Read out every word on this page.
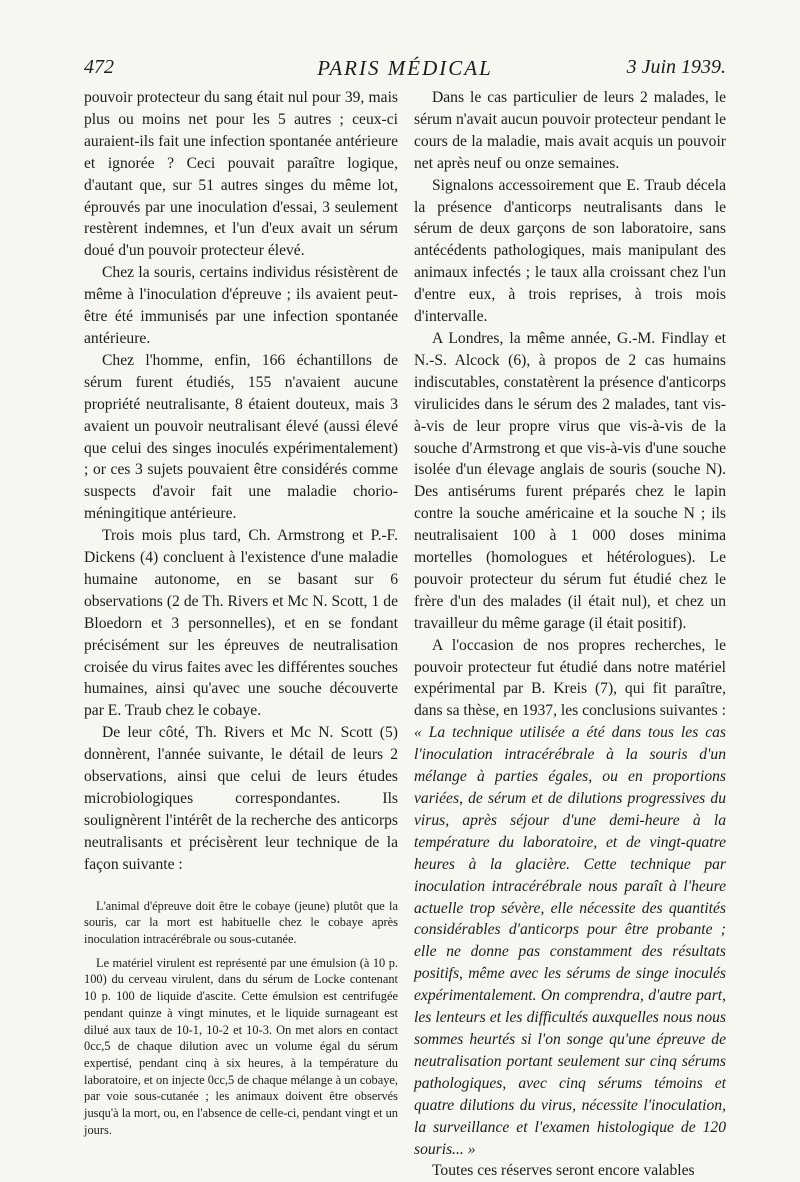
472	PARIS MÉDICAL	3 Juin 1939.

pouvoir protecteur du sang était nul pour 39, mais plus ou moins net pour les 5 autres ; ceux-ci auraient-ils fait une infection spontanée antérieure et ignorée ? Ceci pouvait paraître logique, d'autant que, sur 51 autres singes du même lot, éprouvés par une inoculation d'essai, 3 seulement restèrent indemnes, et l'un d'eux avait un sérum doué d'un pouvoir protecteur élevé.

Chez la souris, certains individus résistèrent de même à l'inoculation d'épreuve ; ils avaient peut-être été immunisés par une infection spontanée antérieure.

Chez l'homme, enfin, 166 échantillons de sérum furent étudiés, 155 n'avaient aucune propriété neutralisante, 8 étaient douteux, mais 3 avaient un pouvoir neutralisant élevé (aussi élevé que celui des singes inoculés expérimentalement) ; or ces 3 sujets pouvaient être considérés comme suspects d'avoir fait une maladie chorio-méningitique antérieure.

Trois mois plus tard, Ch. Armstrong et P.-F. Dickens (4) concluent à l'existence d'une maladie humaine autonome, en se basant sur 6 observations (2 de Th. Rivers et Mc N. Scott, 1 de Bloedorn et 3 personnelles), et en se fondant précisément sur les épreuves de neutralisation croisée du virus faites avec les différentes souches humaines, ainsi qu'avec une souche découverte par E. Traub chez le cobaye.

De leur côté, Th. Rivers et Mc N. Scott (5) donnèrent, l'année suivante, le détail de leurs 2 observations, ainsi que celui de leurs études microbiologiques correspondantes. Ils soulignèrent l'intérêt de la recherche des anticorps neutralisants et précisèrent leur technique de la façon suivante :

L'animal d'épreuve doit être le cobaye (jeune) plutôt que la souris, car la mort est habituelle chez le cobaye après inoculation intracérébrale ou sous-cutanée.

Le matériel virulent est représenté par une émulsion (à 10 p. 100) du cerveau virulent, dans du sérum de Locke contenant 10 p. 100 de liquide d'ascite. Cette émulsion est centrifugée pendant quinze à vingt minutes, et le liquide surnageant est dilué aux taux de 10-1, 10-2 et 10-3. On met alors en contact 0cc,5 de chaque dilution avec un volume égal du sérum expertisé, pendant cinq à six heures, à la température du laboratoire, et on injecte 0cc,5 de chaque mélange à un cobaye, par voie sous-cutanée ; les animaux doivent être observés jusqu'à la mort, ou, en l'absence de celle-ci, pendant vingt et un jours.

Dans le cas particulier de leurs 2 malades, le sérum n'avait aucun pouvoir protecteur pendant le cours de la maladie, mais avait acquis un pouvoir net après neuf ou onze semaines.

Signalons accessoirement que E. Traub décela la présence d'anticorps neutralisants dans le sérum de deux garçons de son laboratoire, sans antécédents pathologiques, mais manipulant des animaux infectés ; le taux alla croissant chez l'un d'entre eux, à trois reprises, à trois mois d'intervalle.

A Londres, la même année, G.-M. Findlay et N.-S. Alcock (6), à propos de 2 cas humains indiscutables, constatèrent la présence d'anticorps virulicides dans le sérum des 2 malades, tant vis-à-vis de leur propre virus que vis-à-vis de la souche d'Armstrong et que vis-à-vis d'une souche isolée d'un élevage anglais de souris (souche N). Des antisérums furent préparés chez le lapin contre la souche américaine et la souche N ; ils neutralisaient 100 à 1 000 doses minima mortelles (homologues et hétérologues). Le pouvoir protecteur du sérum fut étudié chez le frère d'un des malades (il était nul), et chez un travailleur du même garage (il était positif).

A l'occasion de nos propres recherches, le pouvoir protecteur fut étudié dans notre matériel expérimental par B. Kreis (7), qui fit paraître, dans sa thèse, en 1937, les conclusions suivantes : « La technique utilisée a été dans tous les cas l'inoculation intracérébrale à la souris d'un mélange à parties égales, ou en proportions variées, de sérum et de dilutions progressives du virus, après séjour d'une demi-heure à la température du laboratoire, et de vingt-quatre heures à la glacière. Cette technique par inoculation intracérébrale nous paraît à l'heure actuelle trop sévère, elle nécessite des quantités considérables d'anticorps pour être probante ; elle ne donne pas constamment des résultats positifs, même avec les sérums de singe inoculés expérimentalement. On comprendra, d'autre part, les lenteurs et les difficultés auxquelles nous nous sommes heurtés si l'on songe qu'une épreuve de neutralisation portant seulement sur cinq sérums pathologiques, avec cinq sérums témoins et quatre dilutions du virus, nécessite l'inoculation, la surveillance et l'examen histologique de 120 souris... »

Toutes ces réserves seront encore valables
